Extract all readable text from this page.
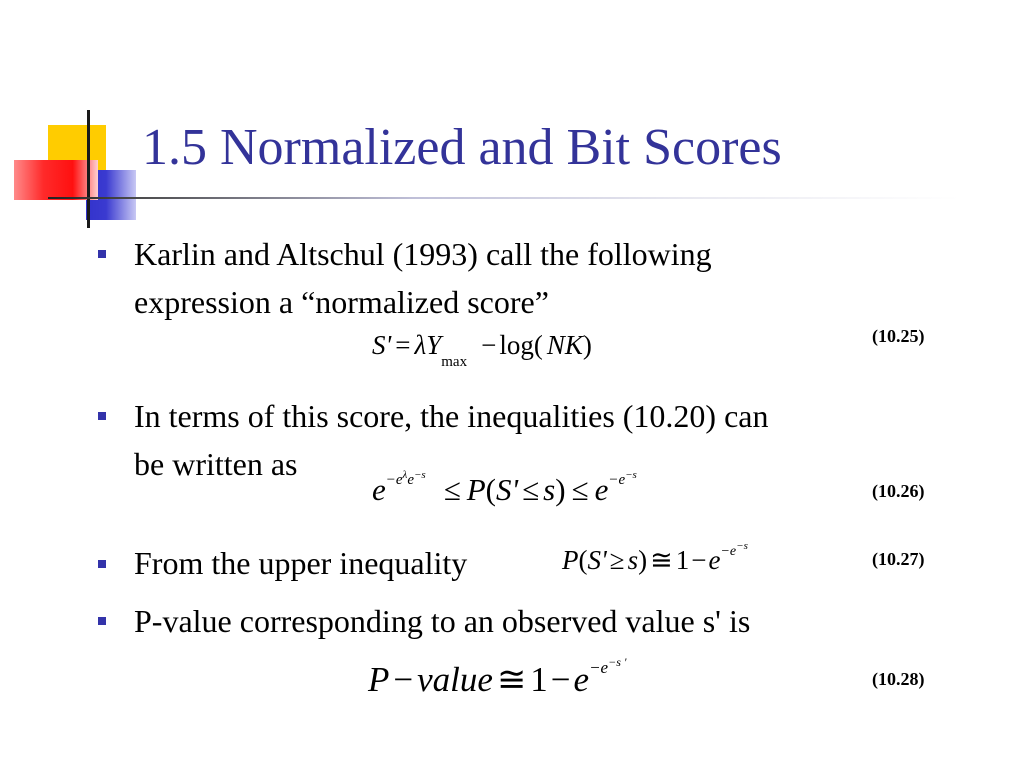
1.5 Normalized and Bit Scores
Karlin and Altschul (1993) call the following
expression a “normalized score”
$S' = \lambda Y_{max}- \log$( NK)	(10.25)
In terms of this score, the inequalities (10.20) can
be written as
$e^{-e^\lambda e^{-s}} \le P(S' \le s) \le e^{-e^{-s}}$
(10.26)
From the upper inequality	P(S' ≥ s) ≅ $1-e^{-e^{-s}}$
(10.27)
P-value corresponding to an observed value s' is
P − value ≅ $1-e^{-e^{-s '}}$
(10.28)
